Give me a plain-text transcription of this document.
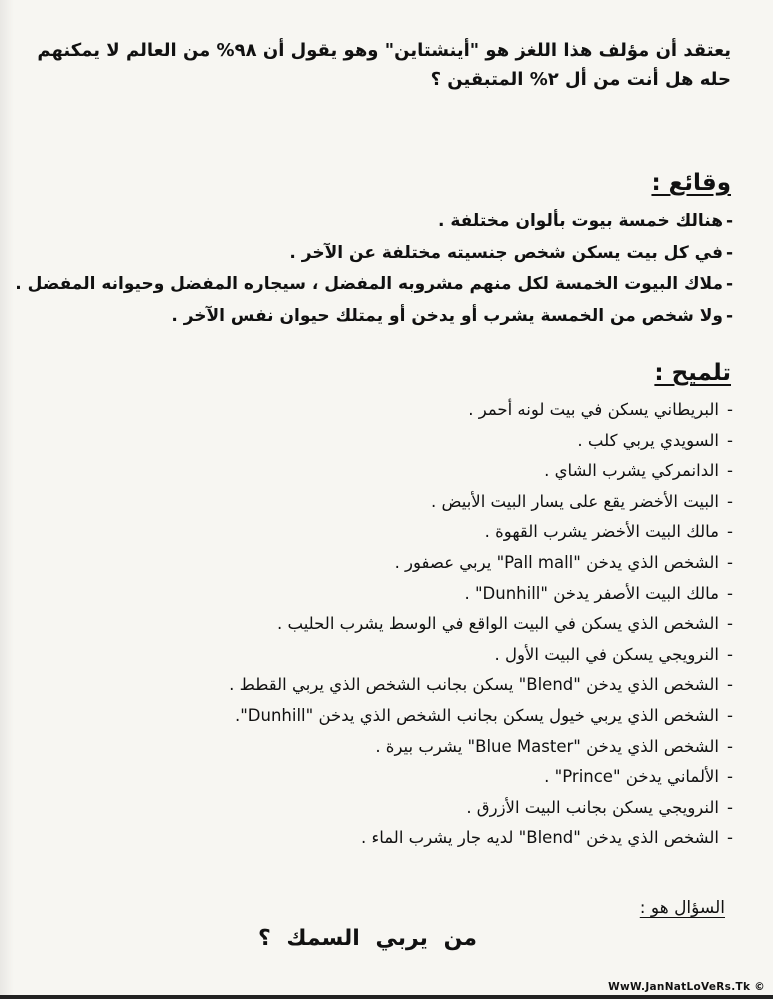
يعتقد أن مؤلف هذا اللغز هو "أينشتاين" وهو يقول أن ٩٨% من العالم لا يمكنهم حله هل أنت من أل ٢% المتبقين ؟
وقائع :
-هنالك خمسة بيوت بألوان مختلفة .
-في كل بيت يسكن شخص جنسيته مختلفة عن الآخر .
-ملاك البيوت الخمسة لكل منهم مشروبه المفضل ، سيجاره المفضل وحيوانه المفضل .
-ولا شخص من الخمسة يشرب أو يدخن أو يمتلك حيوان نفس الآخر .
تلميح :
-البريطاني يسكن في بيت لونه أحمر .
-السويدي يربي كلب .
-الدانمركي يشرب الشاي .
-البيت الأخضر يقع على يسار البيت الأبيض .
-مالك البيت الأخضر يشرب القهوة .
-الشخص الذي يدخن "Pall mall" يربي عصفور .
-مالك البيت الأصفر يدخن "Dunhill" .
-الشخص الذي يسكن في البيت الواقع في الوسط يشرب الحليب .
-النرويجي يسكن في البيت الأول .
-الشخص الذي يدخن "Blend" يسكن بجانب الشخص الذي يربي القطط .
-الشخص الذي يربي خيول يسكن بجانب الشخص الذي يدخن "Dunhill".
-الشخص الذي يدخن "Blue Master" يشرب بيرة .
-الألماني يدخن "Prince" .
-النرويجي يسكن بجانب البيت الأزرق .
-الشخص الذي يدخن "Blend" لديه جار يشرب الماء .
السؤال هو :
من يربي السمك ؟
WwW.JanNatLoVeRs.Tk ©
